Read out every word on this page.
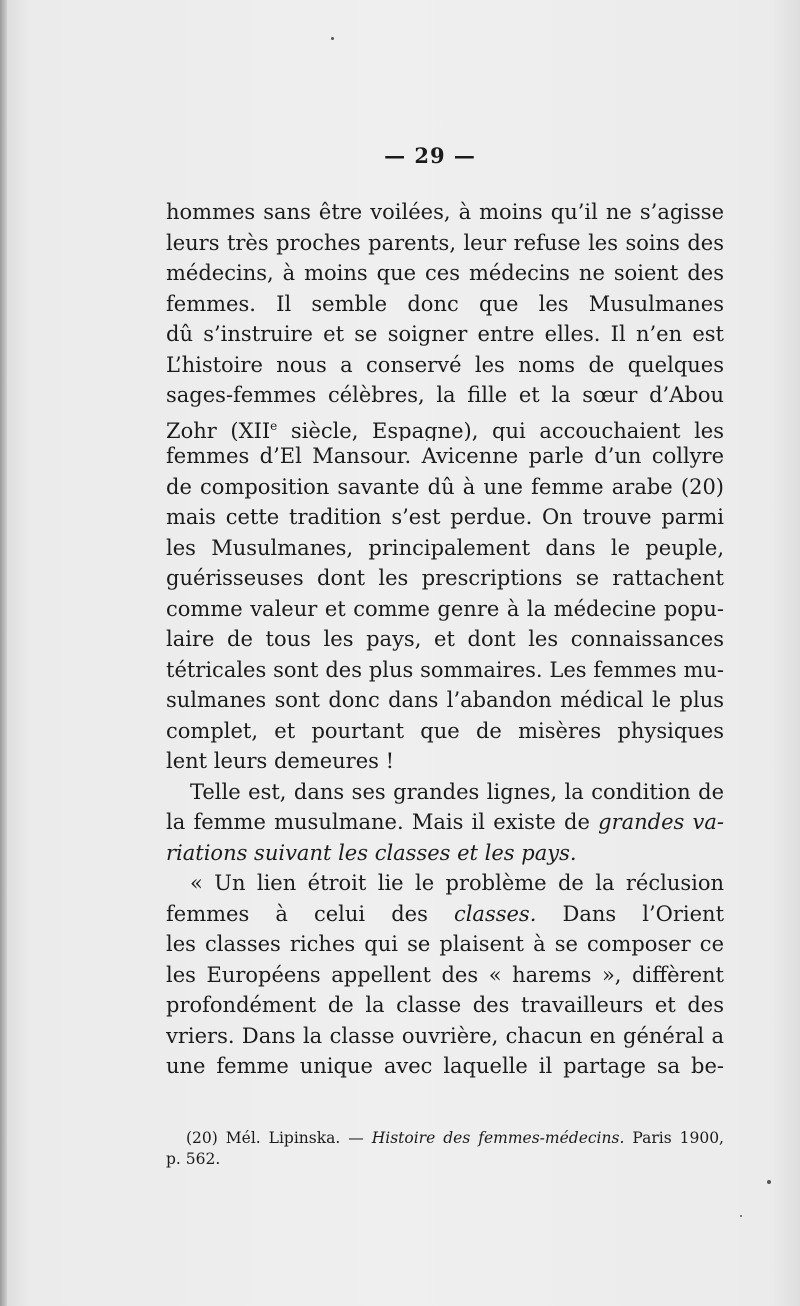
— 29 —
hommes sans être voilées, à moins qu’il ne s’agisse
leurs très proches parents, leur refuse les soins des
médecins, à moins que ces médecins ne soient des
femmes. Il semble donc que les Musulmanes
dû s’instruire et se soigner entre elles. Il n’en est
L’histoire nous a conservé les noms de quelques
sages-femmes célèbres, la fille et la sœur d’Abou
Zohr (XIIe siècle, Espagne), qui accouchaient les
femmes d’El Mansour. Avicenne parle d’un collyre
de composition savante dû à une femme arabe (20)
mais cette tradition s’est perdue. On trouve parmi
les Musulmanes, principalement dans le peuple,
guérisseuses dont les prescriptions se rattachent
comme valeur et comme genre à la médecine popu-
laire de tous les pays, et dont les connaissances
tétricales sont des plus sommaires. Les femmes mu-
sulmanes sont donc dans l’abandon médical le plus
complet, et pourtant que de misères physiques
lent leurs demeures !
Telle est, dans ses grandes lignes, la condition de
la femme musulmane. Mais il existe de grandes va-
riations suivant les classes et les pays.
« Un lien étroit lie le problème de la réclusion
femmes à celui des classes. Dans l’Orient
les classes riches qui se plaisent à se composer ce
les Européens appellent des « harems », diffèrent
profondément de la classe des travailleurs et des
vriers. Dans la classe ouvrière, chacun en général a
une femme unique avec laquelle il partage sa be-
(20) Mél. Lipinska. — Histoire des femmes-médecins. Paris 1900,
p. 562.
